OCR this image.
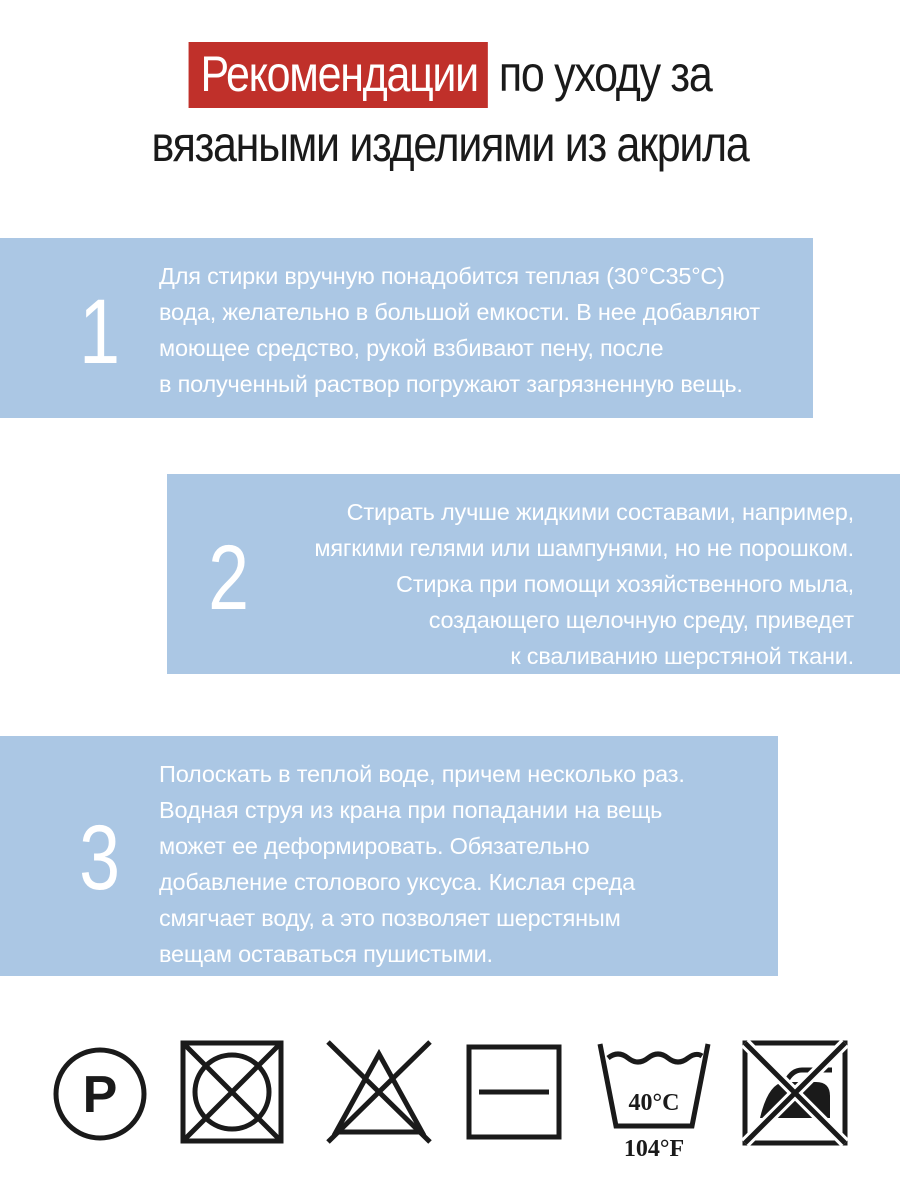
Рекомендации по уходу за
вязаными изделиями из акрила
1
Для стирки вручную понадобится теплая (30°С35°С)
вода, желательно в большой емкости. В нее добавляют
моющее средство, рукой взбивают пену, после
в полученный раствор погружают загрязненную вещь.
2
Стирать лучше жидкими составами, например,
мягкими гелями или шампунями, но не порошком.
Стирка при помощи хозяйственного мыла,
создающего щелочную среду, приведет
к сваливанию шерстяной ткани.
3
Полоскать в теплой воде, причем несколько раз.
Водная струя из крана при попадании на вещь
может ее деформировать. Обязательно
добавление столового уксуса. Кислая среда
смягчает воду, а это позволяет шерстяным
вещам оставаться пушистыми.
P	40°C
104°F
